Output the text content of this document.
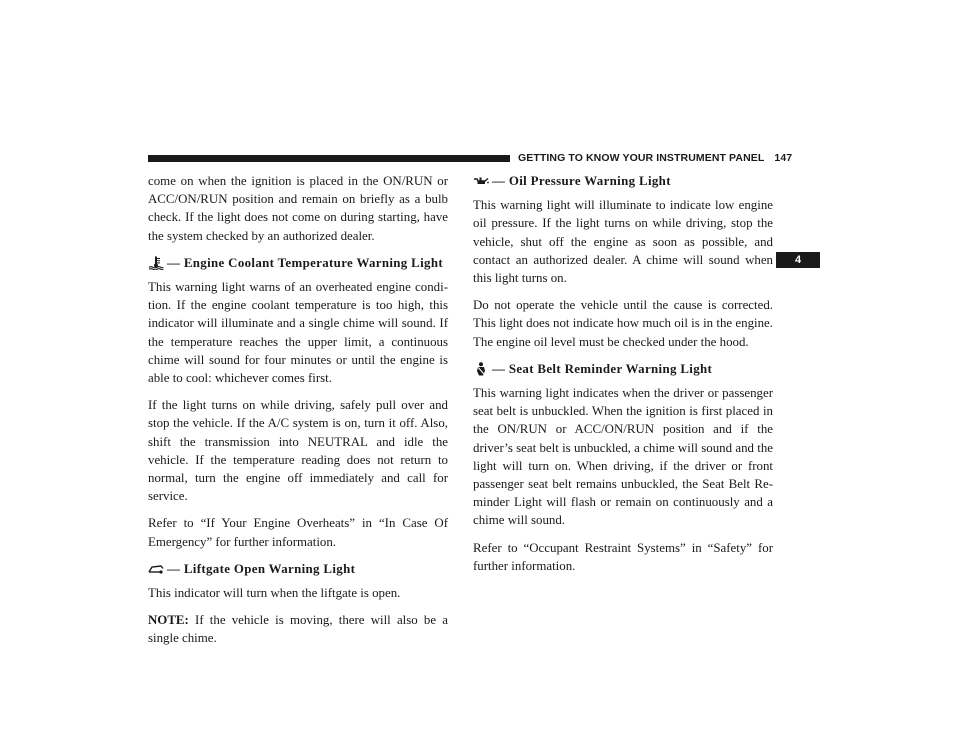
GETTING TO KNOW YOUR INSTRUMENT PANEL 147
4

come on when the ignition is placed in the ON/RUN or ACC/ON/RUN position and remain on briefly as a bulb check. If the light does not come on during starting, have the system checked by an authorized dealer.

— Engine Coolant Temperature Warning Light

This warning light warns of an overheated engine condi-tion. If the engine coolant temperature is too high, this indicator will illuminate and a single chime will sound. If the temperature reaches the upper limit, a continuous chime will sound for four minutes or until the engine is able to cool: whichever comes first.

If the light turns on while driving, safely pull over and stop the vehicle. If the A/C system is on, turn it off. Also, shift the transmission into NEUTRAL and idle the vehicle. If the temperature reading does not return to normal, turn the engine off immediately and call for service.

Refer to “If Your Engine Overheats” in “In Case Of Emergency” for further information.

— Liftgate Open Warning Light

This indicator will turn when the liftgate is open.

NOTE: If the vehicle is moving, there will also be a single chime.

— Oil Pressure Warning Light

This warning light will illuminate to indicate low engine oil pressure. If the light turns on while driving, stop the vehicle, shut off the engine as soon as possible, and contact an authorized dealer. A chime will sound when this light turns on.

Do not operate the vehicle until the cause is corrected. This light does not indicate how much oil is in the engine. The engine oil level must be checked under the hood.

— Seat Belt Reminder Warning Light

This warning light indicates when the driver or passenger seat belt is unbuckled. When the ignition is first placed in the ON/RUN or ACC/ON/RUN position and if the driver’s seat belt is unbuckled, a chime will sound and the light will turn on. When driving, if the driver or front passenger seat belt remains unbuckled, the Seat Belt Re-minder Light will flash or remain on continuously and a chime will sound.

Refer to “Occupant Restraint Systems” in “Safety” for further information.
